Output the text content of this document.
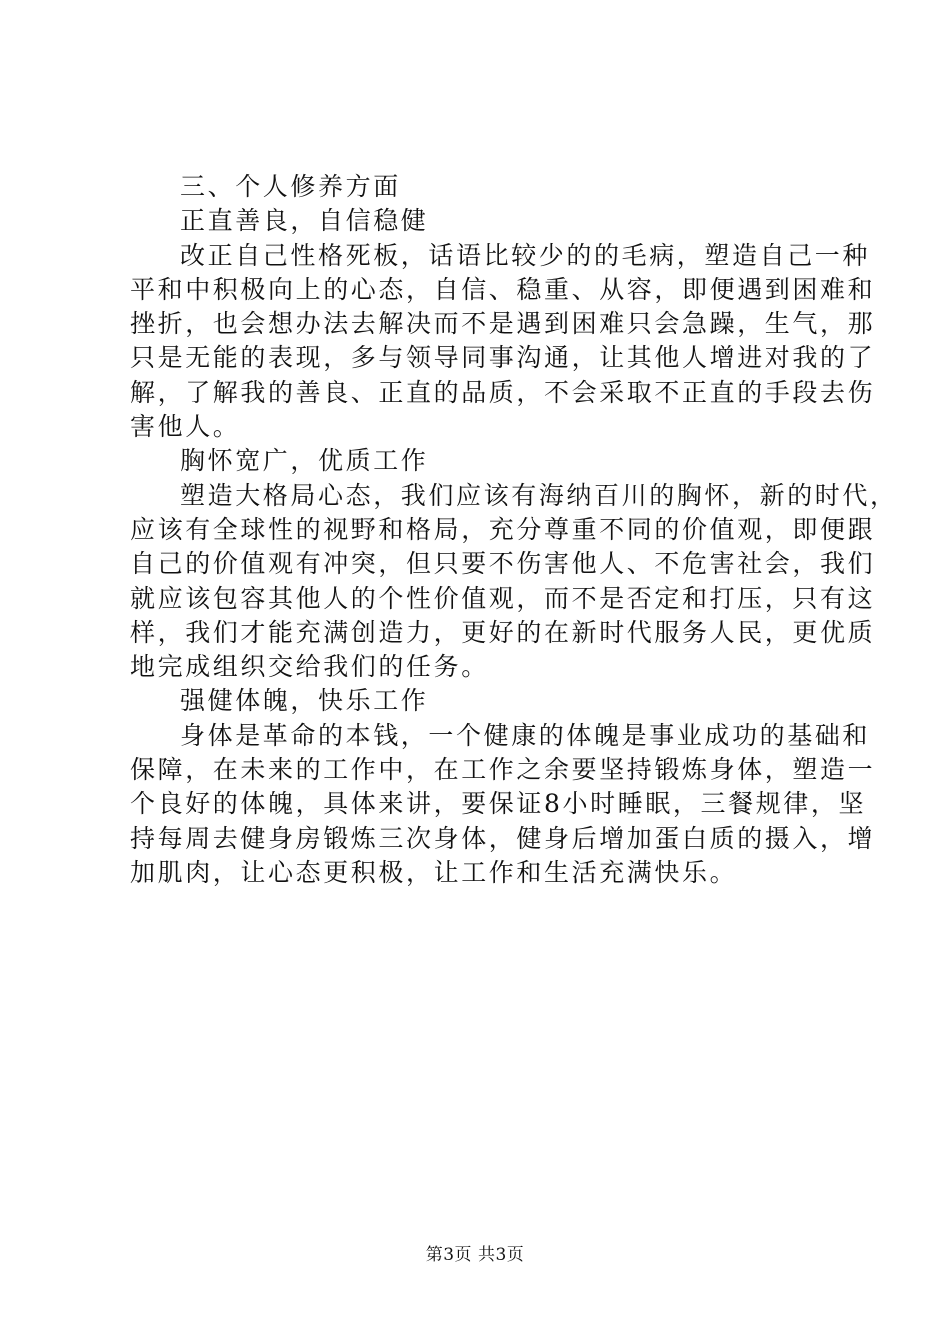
三、个人修养方面

正直善良，自信稳健

改正自己性格死板，话语比较少的的毛病，塑造自己一种

平和中积极向上的心态，自信、稳重、从容，即便遇到困难和

挫折，也会想办法去解决而不是遇到困难只会急躁，生气，那

只是无能的表现，多与领导同事沟通，让其他人增进对我的了

解，了解我的善良、正直的品质，不会采取不正直的手段去伤

害他人。

胸怀宽广，优质工作

塑造大格局心态，我们应该有海纳百川的胸怀，新的时代，

应该有全球性的视野和格局，充分尊重不同的价值观，即便跟

自己的价值观有冲突，但只要不伤害他人、不危害社会，我们

就应该包容其他人的个性价值观，而不是否定和打压，只有这

样，我们才能充满创造力，更好的在新时代服务人民，更优质

地完成组织交给我们的任务。

强健体魄，快乐工作

身体是革命的本钱，一个健康的体魄是事业成功的基础和

保障，在未来的工作中，在工作之余要坚持锻炼身体，塑造一

个良好的体魄，具体来讲，要保证8小时睡眠，三餐规律，坚

持每周去健身房锻炼三次身体，健身后增加蛋白质的摄入，增

加肌肉，让心态更积极，让工作和生活充满快乐。

第3页 共3页
